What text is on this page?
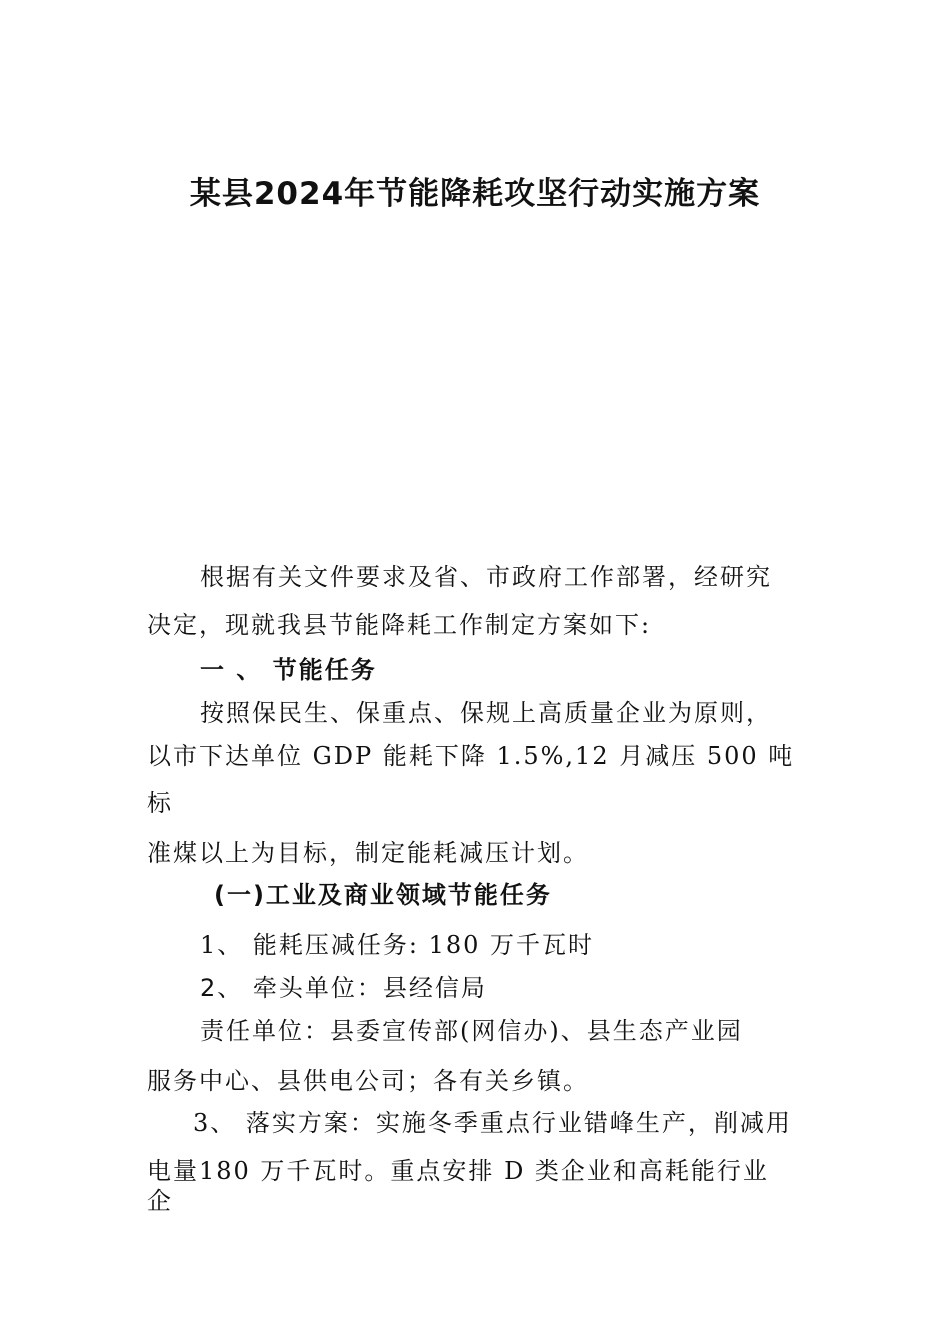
某县2024年节能降耗攻坚行动实施方案
根据有关文件要求及省、市政府工作部署，经研究
决定，现就我县节能降耗工作制定方案如下:
一 、 节能任务
按照保民生、保重点、保规上高质量企业为原则，
以市下达单位 GDP 能耗下降 1.5%,12 月减压 500 吨
标
准煤以上为目标，制定能耗减压计划。
(一)工业及商业领域节能任务
1、 能耗压减任务: 180 万千瓦时
2、 牵头单位：县经信局
责任单位：县委宣传部(网信办)、县生态产业园
服务中心、县供电公司；各有关乡镇。
3、 落实方案：实施冬季重点行业错峰生产，削减用
电量180 万千瓦时。重点安排 D 类企业和高耗能行业
企
